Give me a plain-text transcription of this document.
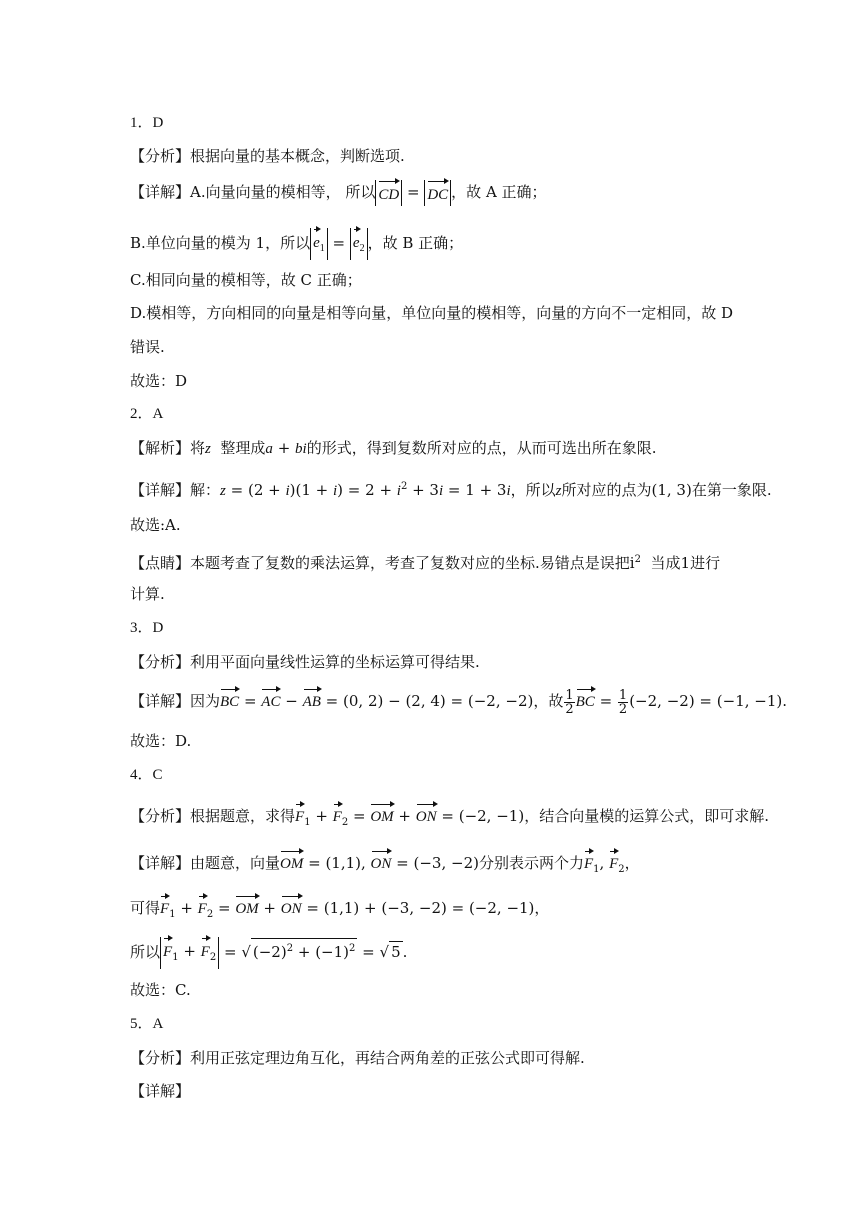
1．D
【分析】根据向量的基本概念，判断选项.
【详解】A.向量向量的模相等， 所以 CD = DC ，故 A 正确；
B.单位向量的模为 1，所以 $e_1 = e_2$ ，故 B 正确；
C.相同向量的模相等，故 C 正确；
D.模相等，方向相同的向量是相等向量，单位向量的模相等，向量的方向不一定相同，故 D
错误.
故选：D
2．A
【解析】将z 整理成a + bi的形式，得到复数所对应的点，从而可选出所在象限.
【详解】解：$z = (2 + i)(1 + i) = 2 + i^2 + 3i = 1 + 3i$，所以z所对应的点为(1, 3)在第一象限.
故选:A.
【点睛】本题考查了复数的乘法运算，考查了复数对应的坐标.易错点是误把$i^2$ 当成1进行
计算.
3．D
【分析】利用平面向量线性运算的坐标运算可得结果.
【详解】因为BC = AC − AB = (0, 2) − (2, 4) = (−2, −2)，故 $\frac{1}{2}$ BC = $\frac{1}{2} (-2$, −2) = (−1, −1).
故选：D.
4．C
【分析】根据题意，求得$F_1 + F_2$ = OM + ON = (−2, −1)，结合向量模的运算公式，即可求解.
【详解】由题意，向量OM = (1,1), ON = (−3, −2)分别表示两个力$F_1$, $F_2$，
可得$F_1 + F_2$ = OM + ON = (1,1) + (−3, −2) = (−2, −1)，
所以 $F_1 + F_2$ = √ $(-2)^2 + (-1)^2$ = √ 5 .
故选：C.
5．A
【分析】利用正弦定理边角互化，再结合两角差的正弦公式即可得解.
【详解】
